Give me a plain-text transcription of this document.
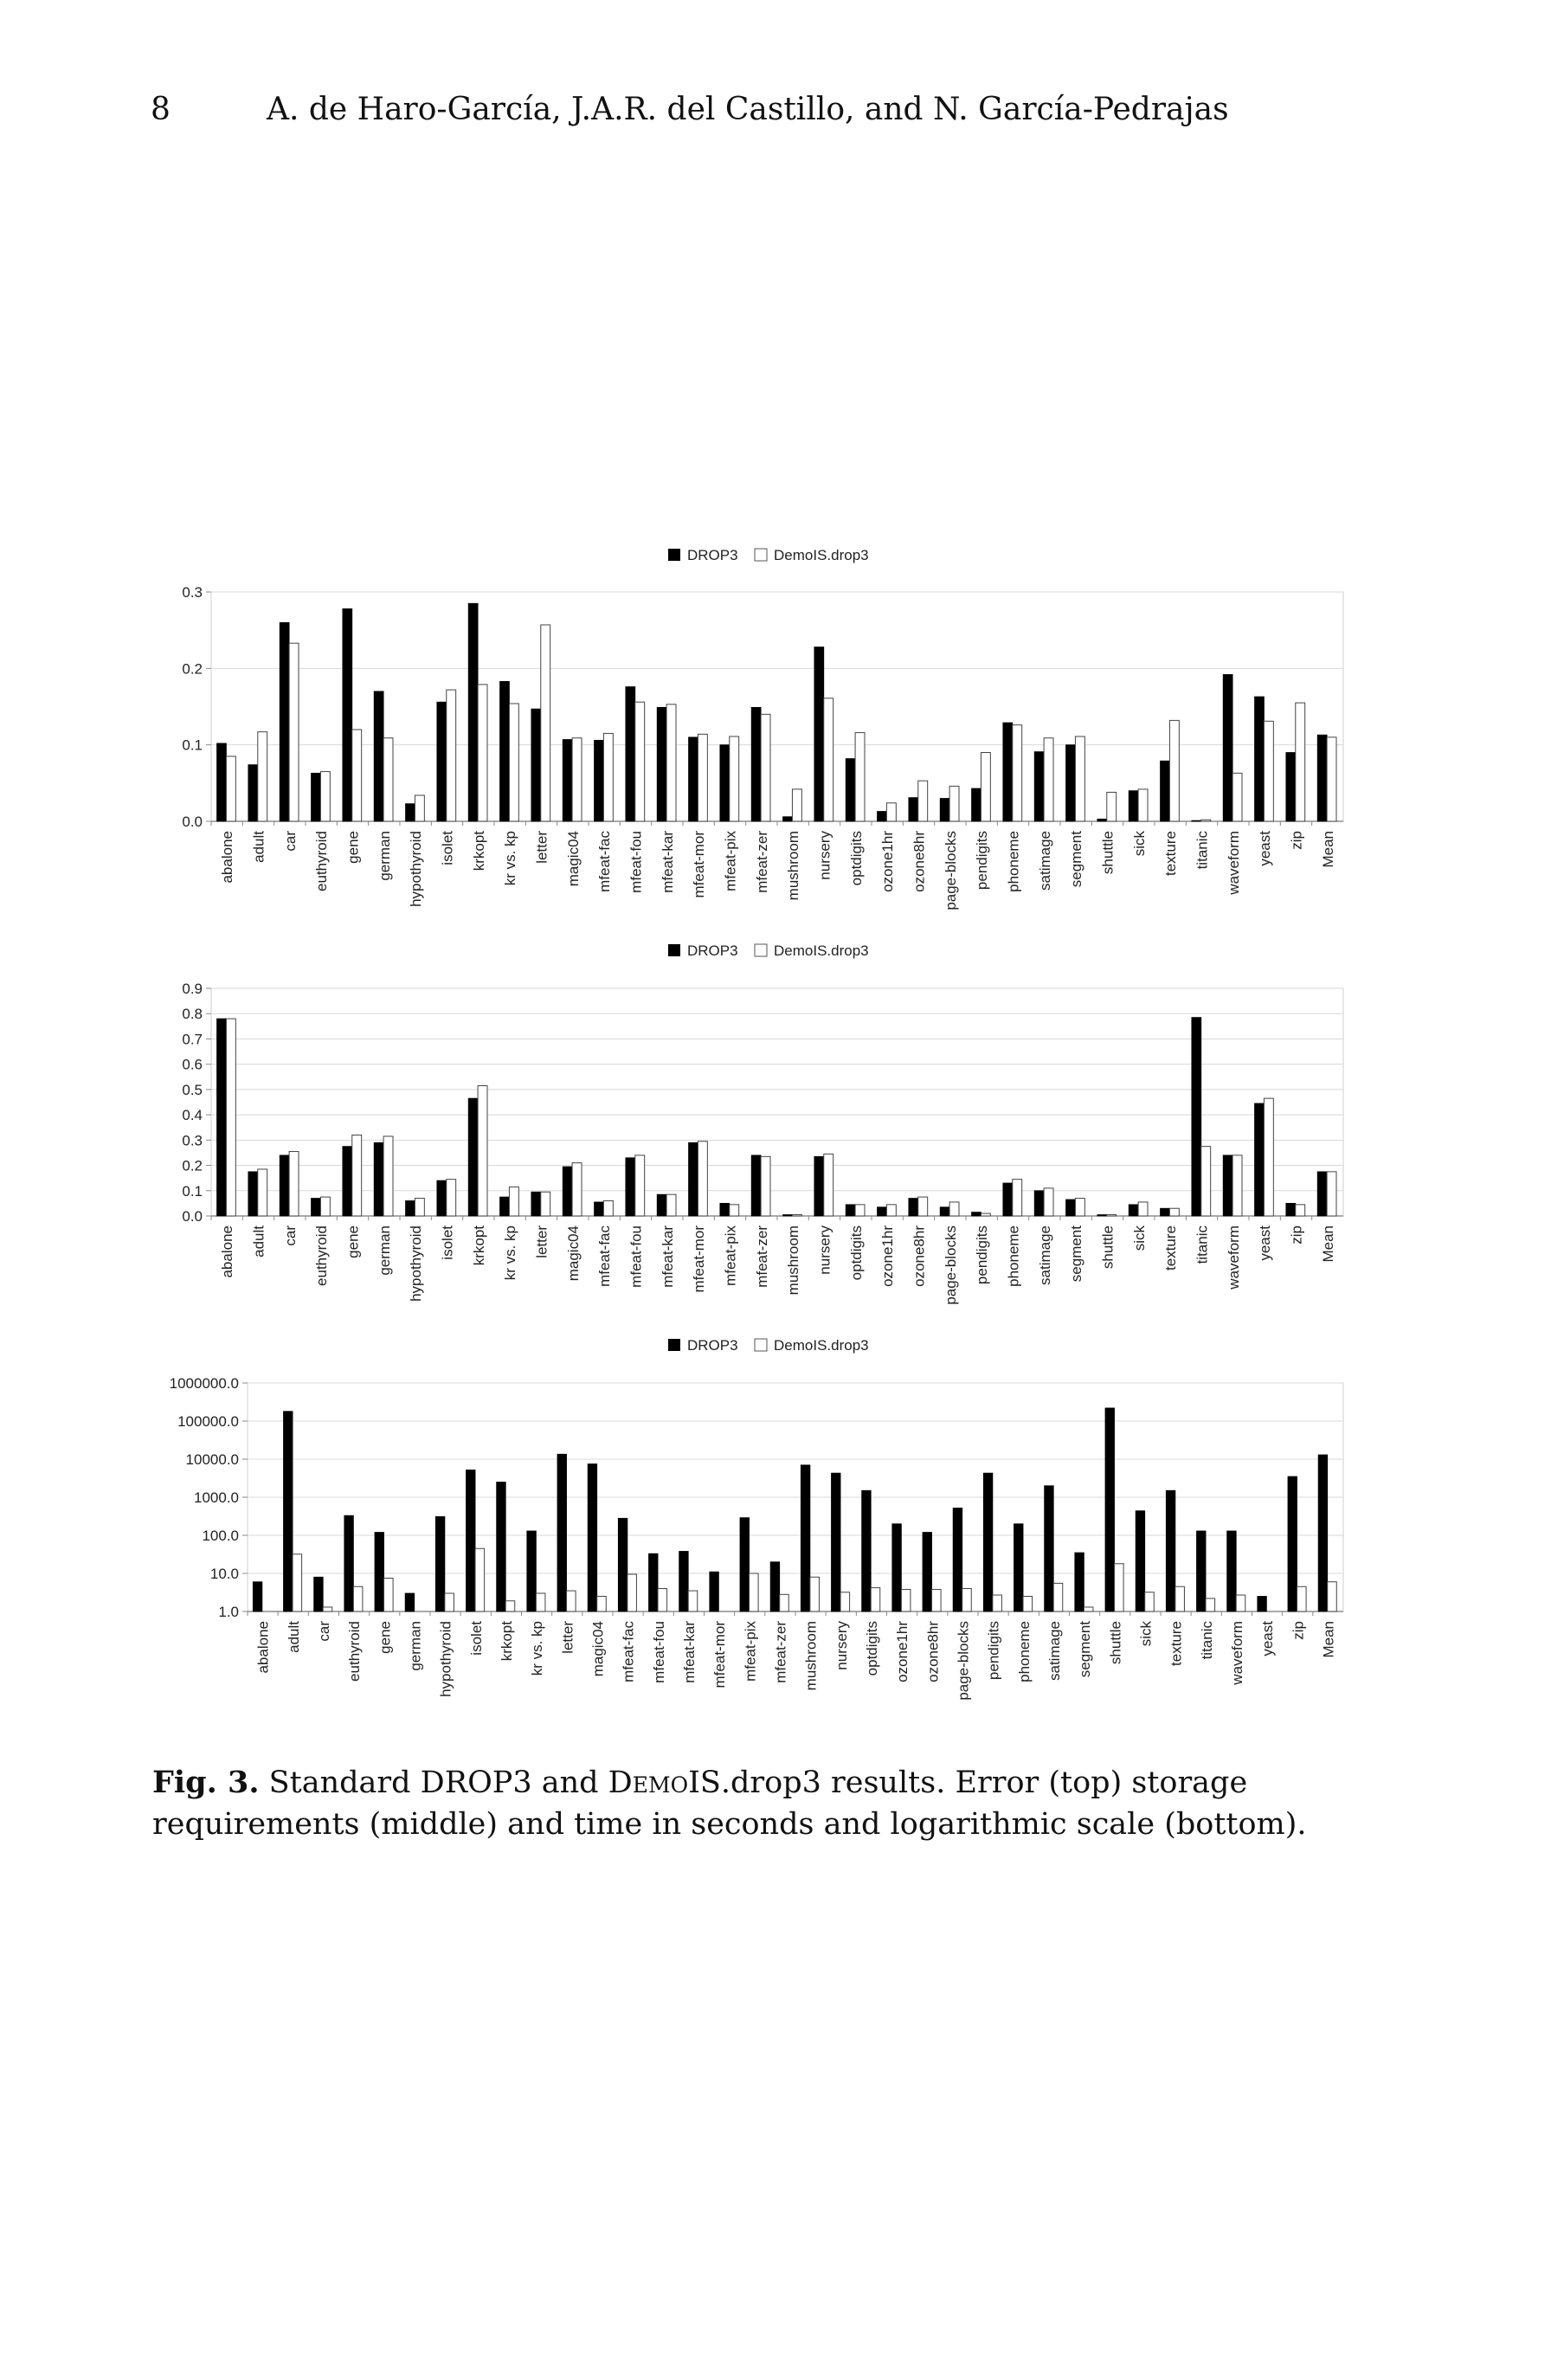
8	A. de Haro-García, J.A.R. del Castillo, and N. García-Pedrajas
0.0
0.1
0.2
0.3
abalone adult car euthyroid gene german hypothyroid isolet krkopt kr vs. kp letter magic04 mfeat-fac mfeat-fou mfeat-kar mfeat-mor mfeat-pix mfeat-zer mushroom nursery optdigits ozone1hr ozone8hr page-blocks pendigits phoneme satimage segment shuttle sick texture titanic waveform yeast zip Mean
DROP3 DemoIS.drop3
0.0
0.1
0.2
0.3
0.4
0.5
0.6
0.7
0.8
0.9
abalone adult car euthyroid gene german hypothyroid isolet krkopt kr vs. kp letter magic04 mfeat-fac mfeat-fou mfeat-kar mfeat-mor mfeat-pix mfeat-zer mushroom nursery optdigits ozone1hr ozone8hr page-blocks pendigits phoneme satimage segment shuttle sick texture titanic waveform yeast zip Mean
DROP3 DemoIS.drop3
1.0
10.0
100.0
1000.0
10000.0
100000.0
1000000.0
abalone adult car euthyroid gene german hypothyroid isolet krkopt kr vs. kp letter magic04 mfeat-fac mfeat-fou mfeat-kar mfeat-mor mfeat-pix mfeat-zer mushroom nursery optdigits ozone1hr ozone8hr page-blocks pendigits phoneme satimage segment shuttle sick texture titanic waveform yeast zip Mean
DROP3 DemoIS.drop3
Fig. 3. Standard DROP3 and DemoIS.drop3 results. Error (top) storage requirements (middle) and time in seconds and logarithmic scale (bottom).
